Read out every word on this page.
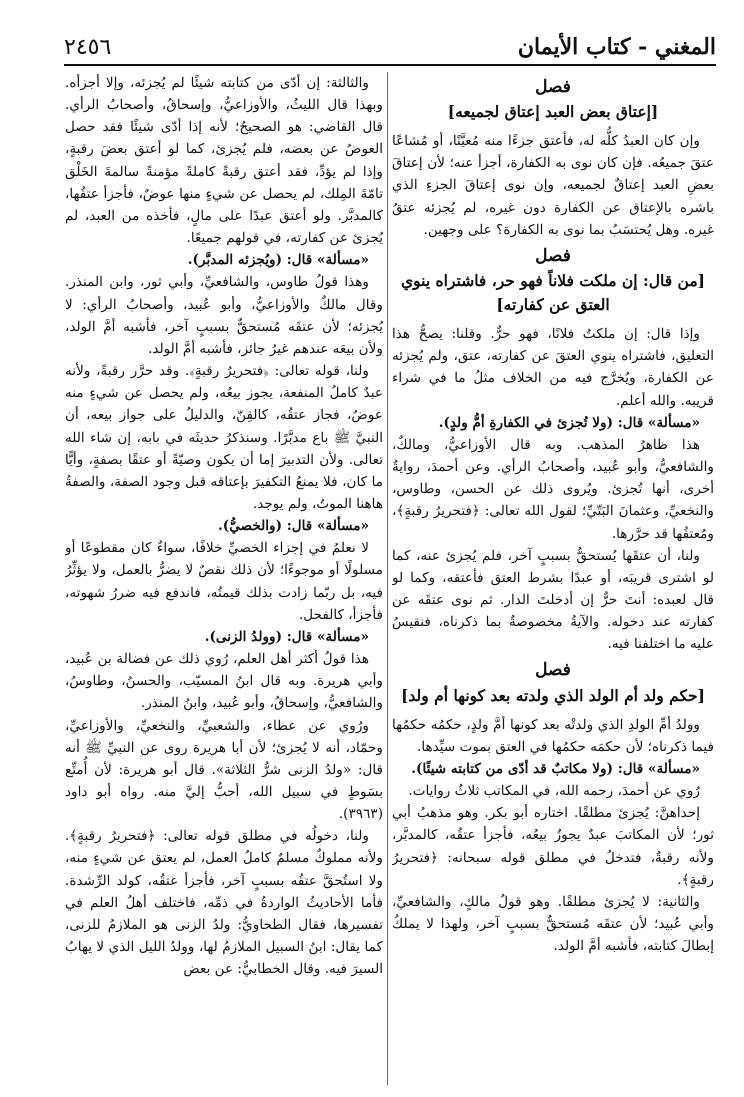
المغني - كتاب الأيمان
٢٤٥٦
فصل
[إعتاق بعض العبد إعتاق لجميعه]

وإن كان العبدُ كلُّه له، فأعتق جزءًا منه مُعيَّنًا، أو مُشاعًا عتقَ جميعُه. فإن كان نوى به الكفارة، أجزأ عنه؛ لأن إعتاقَ بعضِ العبد إعتاقٌ لجميعه، وإن نوى إعتاقَ الجزءِ الذي باشره بالإعتاق عن الكفارة دون غيره، لم يُجزئه عتقُ غيره. وهل يُحتسَبُ بما نوى به الكفارة؟ على وجهين.

فصل
[من قال: إن ملكت فلاناً فهو حر، فاشتراه ينوي العتق عن كفارته]

وإذا قال: إن ملكتُ فلانًا، فهو حرٌّ. وقلنا: يصحُّ هذا التعليق، فاشتراه ينوي العتقَ عن كفارته، عتق، ولم يُجزئه عن الكفارة، ويُخرَّج فيه من الخلاف مثلُ ما في شراء قريبه. والله أعلم.

«مسألة» قال: (ولا تُجزئ في الكفارةِ أمُّ ولدٍ).

هذا ظاهرُ المذهب. وبه قال الأوزاعيُّ، ومالكٌ، والشافعيُّ، وأبو عُبيد، وأصحابُ الرأي. وعن أحمدَ، روايةٌ أخرى، أنها تُجزئ. ويُروى ذلك عن الحسن، وطاوس، والنخعيِّ، وعثمانَ البَتّيِّ؛ لقول الله تعالى: ﴿فتحريرُ رقبةٍ﴾، ومُعتقُها قد حرَّرها.

ولنا، أن عتقَها يُستحقُّ بسببٍ آخر، فلم يُجزئ عنه، كما لو اشترى قريبَه، أو عبدًا بشرط العتق فأعتقه، وكما لو قال لعبده: أنتَ حرٌّ إن أدخلتَ الدار. ثم نوى عتقَه عن كفارته عند دخوله. والآيةُ مخصوصةٌ بما ذكرناه، فنقيسُ عليه ما اختلفنا فيه.

فصل
[حكم ولد أم الولد الذي ولدته بعد كونها أم ولد]

وولدُ أمِّ الولدِ الذي ولدتْه بعد كونها أمَّ ولدٍ، حكمُه حكمُها فيما ذكرناه؛ لأن حكمَه حكمُها في العتق بموت سيِّدها.

«مسألة» قال: (ولا مكاتبٌ قد أدّى من كتابته شيئًا).

رُوي عن أحمدَ، رحمه الله، في المكاتب ثلاثُ روايات.

إحداهنَّ: يُجزئ مطلقًا. اختاره أبو بكر. وهو مذهبُ أبي ثور؛ لأن المكاتبَ عبدٌ يجوزُ بيعُه، فأجزأ عتقُه، كالمدبَّر، ولأنه رقبةٌ، فتدخلُ في مطلق قوله سبحانه: ﴿فتحريرُ رقبةٍ﴾.

والثانية: لا يُجزئ مطلقًا. وهو قولُ مالكٍ، والشافعيِّ، وأبي عُبيد؛ لأن عتقَه مُستحقٌّ بسببٍ آخر، ولهذا لا يملكُ إبطالَ كتابته، فأشبه أمَّ الولد.

والثالثة: إن أدّى من كتابته شيئًا لم يُجزئه، وإلا أجزأه. وبهذا قال الليثُ، والأوزاعيُّ، وإسحاقُ، وأصحابُ الرأي. قال القاضي: هو الصحيحُ؛ لأنه إذا أدّى شيئًا فقد حصل العوضُ عن بعضه، فلم يُجزئ، كما لو أعتق بعضَ رقبةٍ، وإذا لم يؤدِّ، فقد أعتق رقبةً كاملةً مؤمنةً سالمةَ الخَلْق تامّةَ المِلك، لم يحصل عن شيءٍ منها عوضٌ، فأجزأ عتقُها، كالمدبَّر. ولو أعتق عبدًا على مالٍ، فأخذه من العبد، لم يُجزئ عن كفارته، في قولهم جميعًا.

«مسألة» قال: (ويُجزئه المدبَّر).

وهذا قولُ طاوس، والشافعيِّ، وأبي ثور، وابن المنذر. وقال مالكٌ والأوزاعيُّ، وأبو عُبيد، وأصحابُ الرأي: لا يُجزئه؛ لأن عتقَه مُستحقٌّ بسببٍ آخر، فأشبه أمَّ الولد، ولأن بيعَه عندهم غيرُ جائز، فأشبه أمَّ الولد.

ولنا، قوله تعالى: ﴿فتحريرُ رقبةٍ﴾. وقد حرَّر رقبةً، ولأنه عبدٌ كاملُ المنفعة، يجوز بيعُه، ولم يحصل عن شيءٍ منه عوضٌ، فجاز عتقُه، كالقِنّ، والدليلُ على جواز بيعه، أن النبيَّ ﷺ باع مدبَّرًا. وسنذكرُ حديثَه في بابه، إن شاء الله تعالى. ولأن التدبيرَ إما أن يكون وصيّةً أو عتقًا بصفةٍ، وأيًّا ما كان، فلا يمنعُ التكفيرَ بإعتاقه قبل وجود الصفة، والصفةُ هاهنا الموتُ، ولم يوجد.

«مسألة» قال: (والخصيُّ).

لا نعلمُ في إجزاء الخصيِّ خلافًا، سواءٌ كان مقطوعًا أو مسلولًا أو موجوءًا؛ لأن ذلك نقصٌ لا يضرُّ بالعمل، ولا يؤثِّرُ فيه، بل ربّما زادت بذلك قيمتُه، فاندفع فيه ضررُ شهوته، فأجزأ، كالفحل.

«مسألة» قال: (وولدُ الزنى).

هذا قولُ أكثر أهل العلم، رُوي ذلك عن فضالة بن عُبيد، وأبي هريرة. وبه قال ابنُ المسيّب، والحسنُ، وطاوسُ، والشافعيُّ، وإسحاقُ، وأبو عُبيد، وابنُ المنذر.

ورُوي عن عطاء، والشعبيِّ، والنخعيِّ، والأوزاعيِّ، وحمّاد، أنه لا يُجزئ؛ لأن أبا هريرة روى عن النبيِّ ﷺ أنه قال: «ولدُ الزنى شرُّ الثلاثة». قال أبو هريرة: لأن أُمتِّع بسَوطٍ في سبيل الله، أحبُّ إليَّ منه. رواه أبو داود (٣٩٦٣).

ولنا، دخولُه في مطلق قوله تعالى: ﴿فتحريرُ رقبةٍ﴾. ولأنه مملوكٌ مسلمٌ كاملُ العمل، لم يعتق عن شيءٍ منه، ولا استُحقَّ عتقُه بسببٍ آخر، فأجزأ عتقُه، كولد الرِّشدة. فأما الأحاديثُ الواردةُ في ذمِّه، فاختلف أهلُ العلم في تفسيرها، فقال الطحاويُّ: ولدُ الزنى هو الملازمُ للزنى، كما يقال: ابنُ السبيل الملازمُ لها، وولدُ الليل الذي لا يهابُ السيرَ فيه. وقال الخطابيُّ: عن بعض
